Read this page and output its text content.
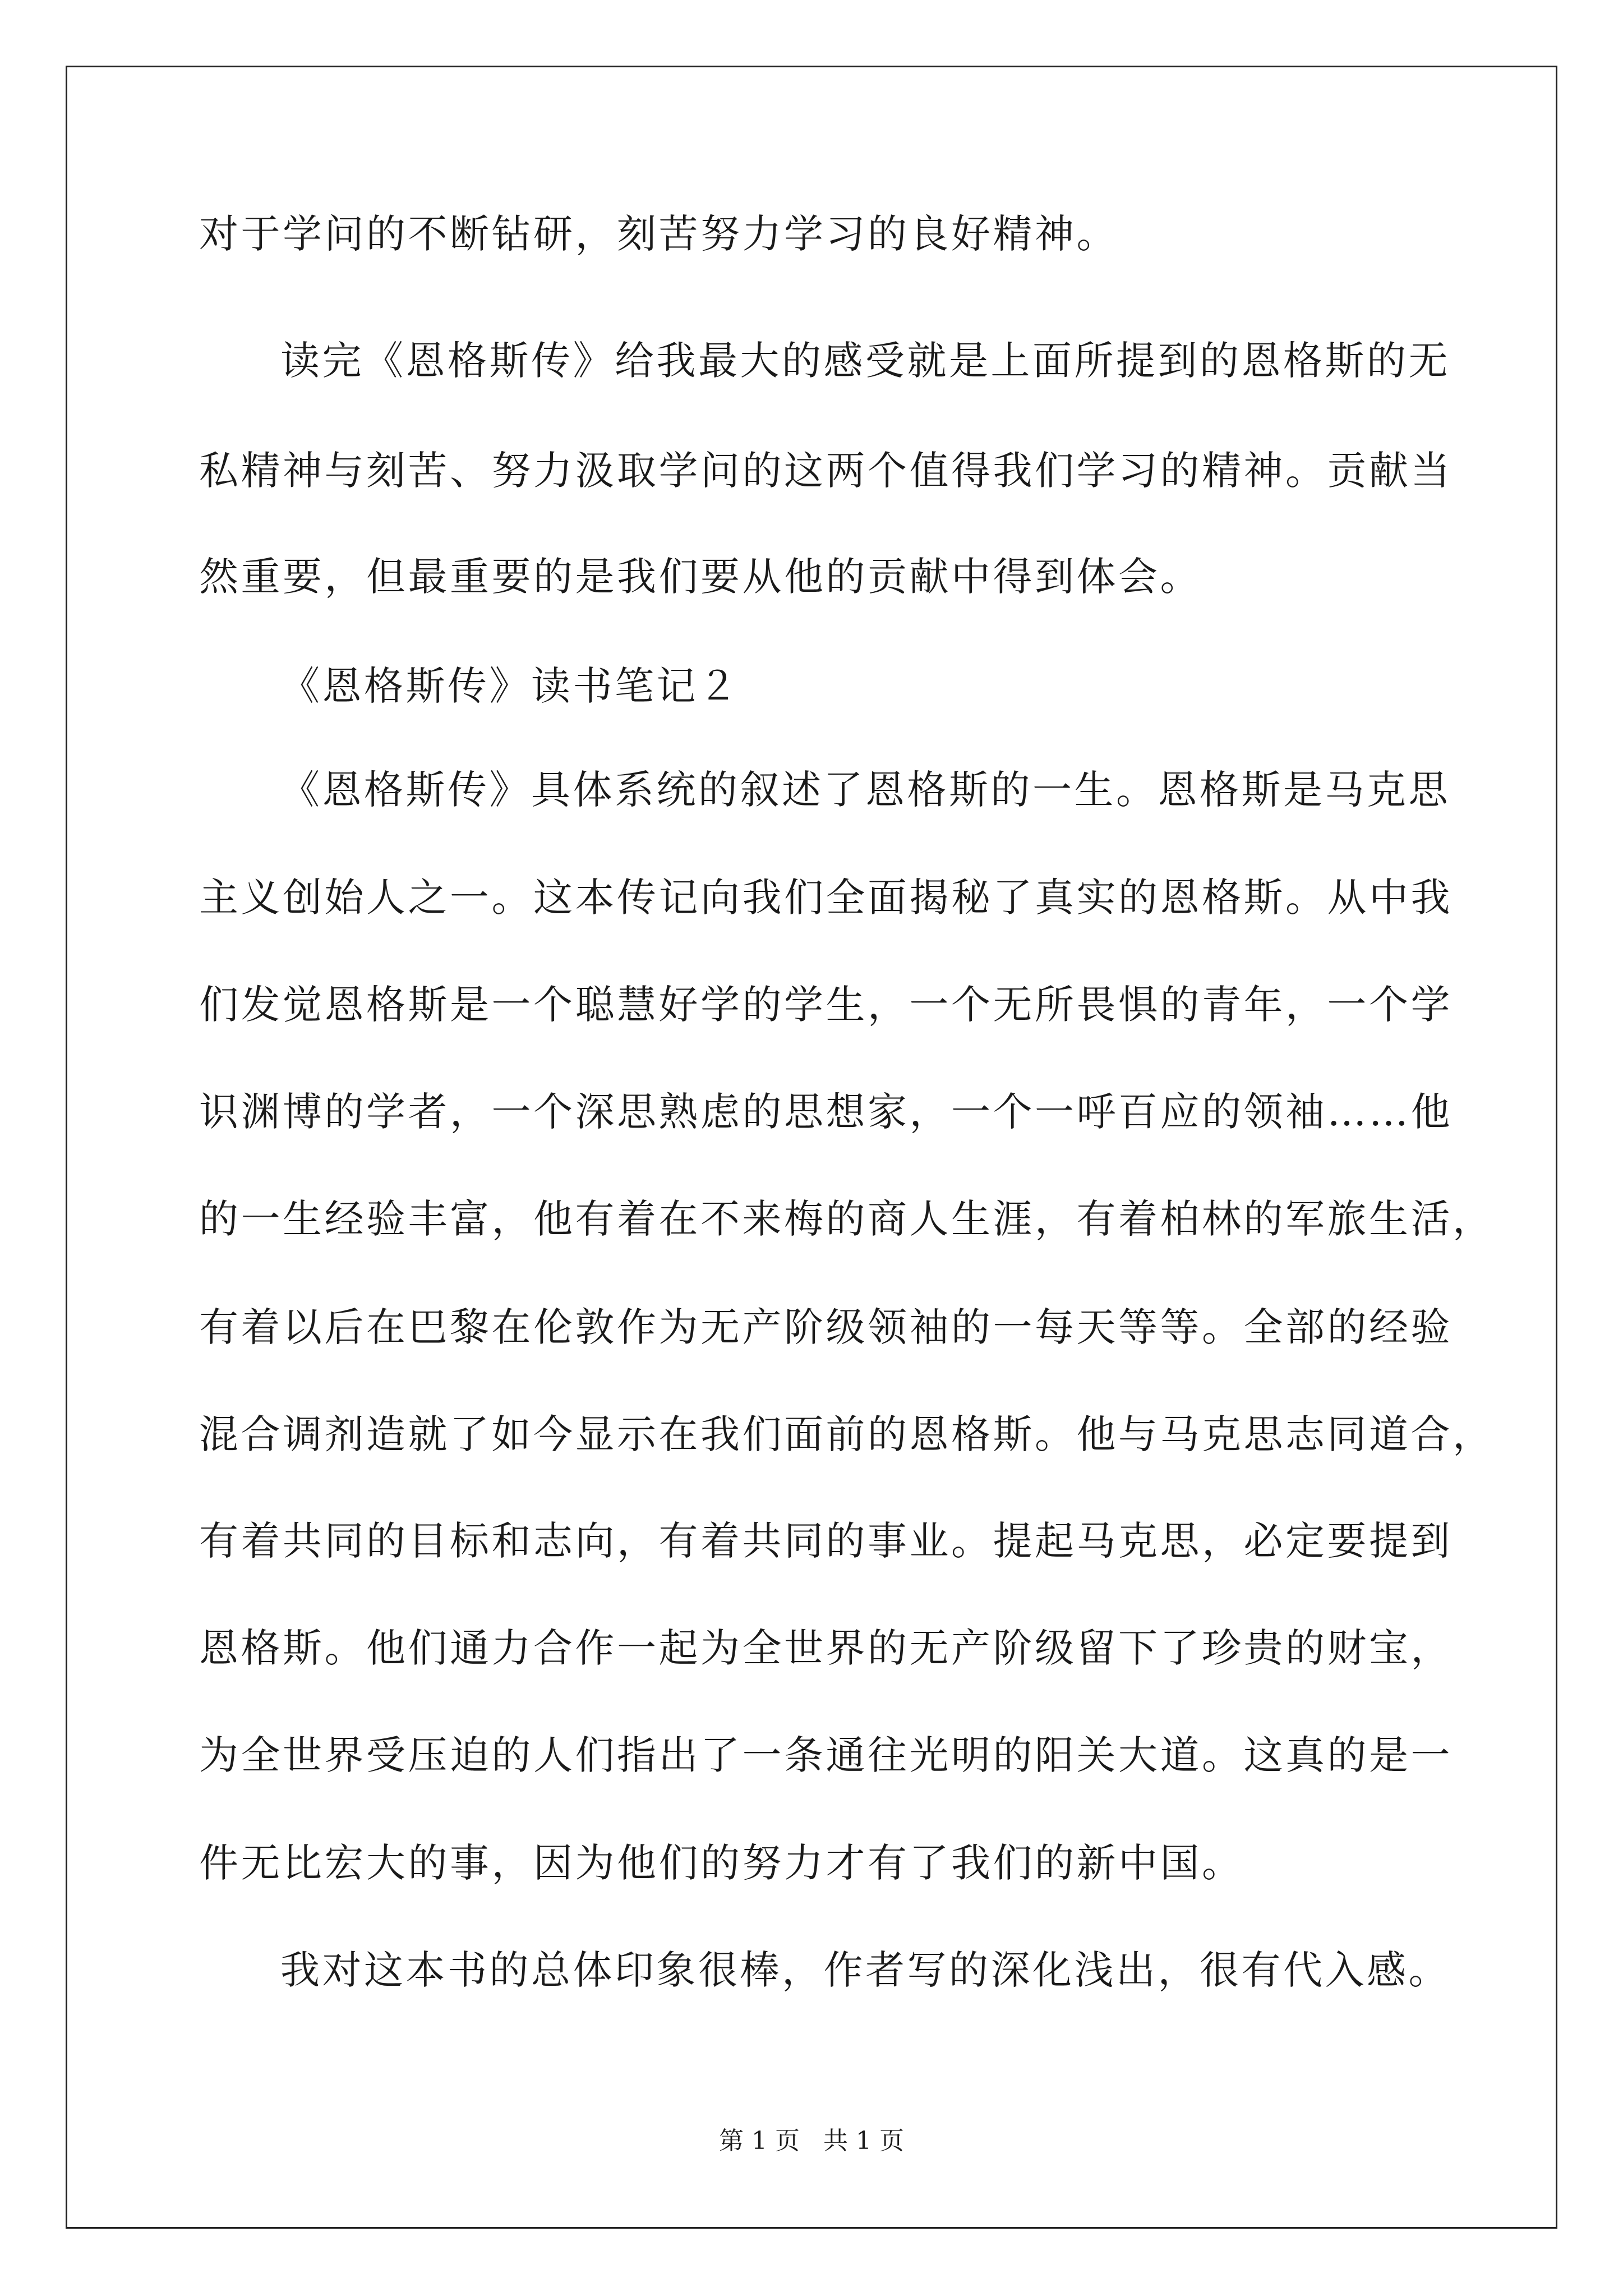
对于学问的不断钻研，刻苦努力学习的良好精神。
读完《恩格斯传》给我最大的感受就是上面所提到的恩格斯的无
私精神与刻苦、努力汲取学问的这两个值得我们学习的精神。贡献当
然重要，但最重要的是我们要从他的贡献中得到体会。
《恩格斯传》读书笔记２
《恩格斯传》具体系统的叙述了恩格斯的一生。恩格斯是马克思
主义创始人之一。这本传记向我们全面揭秘了真实的恩格斯。从中我
们发觉恩格斯是一个聪慧好学的学生，一个无所畏惧的青年，一个学
识渊博的学者，一个深思熟虑的思想家，一个一呼百应的领袖……他
的一生经验丰富，他有着在不来梅的商人生涯，有着柏林的军旅生活，
有着以后在巴黎在伦敦作为无产阶级领袖的一每天等等。全部的经验
混合调剂造就了如今显示在我们面前的恩格斯。他与马克思志同道合，
有着共同的目标和志向，有着共同的事业。提起马克思，必定要提到
恩格斯。他们通力合作一起为全世界的无产阶级留下了珍贵的财宝，
为全世界受压迫的人们指出了一条通往光明的阳关大道。这真的是一
件无比宏大的事，因为他们的努力才有了我们的新中国。
我对这本书的总体印象很棒，作者写的深化浅出，很有代入感。
第 1 页   共 1 页
